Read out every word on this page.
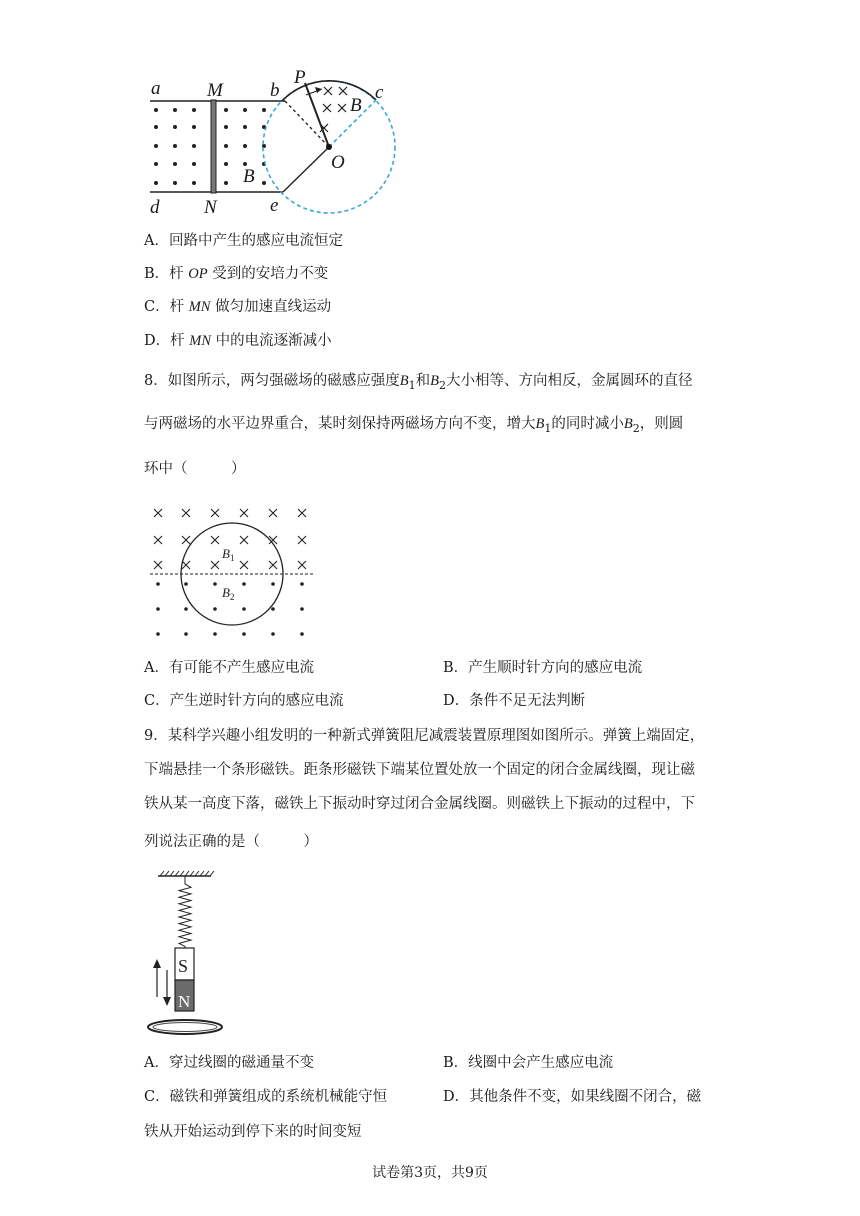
a M b
P
c
B
O
B
d N	e
A．回路中产生的感应电流恒定
B．杆 OP 受到的安培力不变
C．杆 MN 做匀加速直线运动
D．杆 MN 中的电流逐渐减小
8．如图所示，两匀强磁场的磁感应强度$B_1$和$B_2$大小相等、方向相反，金属圆环的直径
与两磁场的水平边界重合，某时刻保持两磁场方向不变，增大$B_1$的同时减小$B_2$，则圆
环中（　　　）
$B_1$
$B_2$
A．有可能不产生感应电流	B．产生顺时针方向的感应电流
C．产生逆时针方向的感应电流	D．条件不足无法判断
9．某科学兴趣小组发明的一种新式弹簧阻尼减震装置原理图如图所示。弹簧上端固定，
下端悬挂一个条形磁铁。距条形磁铁下端某位置处放一个固定的闭合金属线圈，现让磁
铁从某一高度下落，磁铁上下振动时穿过闭合金属线圈。则磁铁上下振动的过程中，下
列说法正确的是（　　　）
S
N
A．穿过线圈的磁通量不变	B．线圈中会产生感应电流
C．磁铁和弹簧组成的系统机械能守恒	D．其他条件不变，如果线圈不闭合，磁
铁从开始运动到停下来的时间变短
试卷第3页，共9页
